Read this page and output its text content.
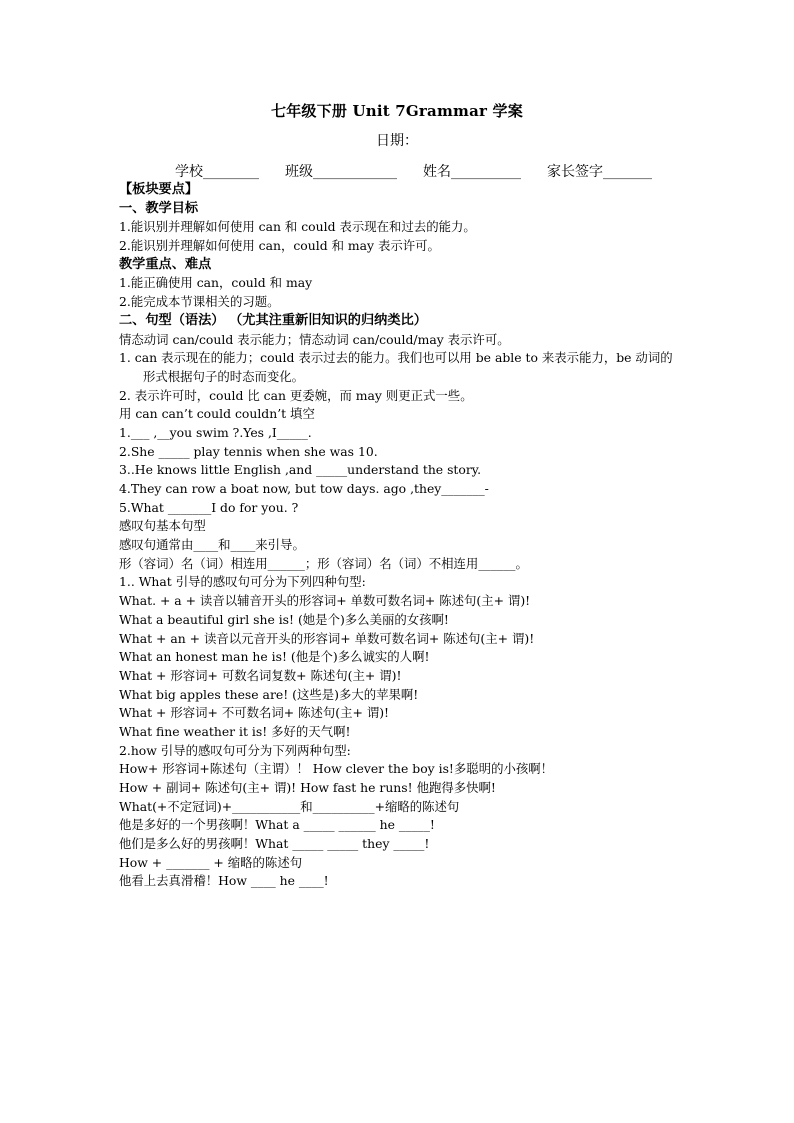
七年级下册 Unit 7Grammar 学案
日期：
学校________ 班级____________ 姓名__________ 家长签字_______
【板块要点】
一、教学目标
1.能识别并理解如何使用 can 和 could 表示现在和过去的能力。
2.能识别并理解如何使用 can，could 和 may 表示许可。
教学重点、难点
1.能正确使用 can，could 和 may
2.能完成本节课相关的习题。
二、句型（语法） （尤其注重新旧知识的归纳类比）
情态动词 can/could 表示能力；情态动词 can/could/may 表示许可。
1. can 表示现在的能力；could 表示过去的能力。我们也可以用 be able to 来表示能力，be 动词的形式根据句子的时态而变化。
2. 表示许可时，could 比 can 更委婉，而 may 则更正式一些。
用 can can’t could couldn’t 填空
1.___ ,__you swim ?.Yes ,I_____.
2.She _____ play tennis when she was 10.
3..He knows little English ,and _____understand the story.
4.They can row a boat now, but tow days. ago ,they_______-
5.What _______I do for you. ?
感叹句基本句型
感叹句通常由____和____来引导。
形（容词）名（词）相连用______；形（容词）名（词）不相连用______。
1.. What 引导的感叹句可分为下列四种句型:
What. + a + 读音以辅音开头的形容词+ 单数可数名词+ 陈述句(主+ 谓)!
What a beautiful girl she is! (她是个)多么美丽的女孩啊!
What + an + 读音以元音开头的形容词+ 单数可数名词+ 陈述句(主+ 谓)!
What an honest man he is! (他是个)多么诚实的人啊!
What + 形容词+ 可数名词复数+ 陈述句(主+ 谓)!
What big apples these are! (这些是)多大的苹果啊!
What + 形容词+ 不可数名词+ 陈述句(主+ 谓)!
What fine weather it is! 多好的天气啊!
2.how 引导的感叹句可分为下列两种句型:
How+ 形容词+陈述句（主谓）！ How clever the boy is!多聪明的小孩啊！
How + 副词+ 陈述句(主+ 谓)! How fast he runs! 他跑得多快啊!
What(+不定冠词)+___________和__________+缩略的陈述句
他是多好的一个男孩啊！What a _____ ______ he _____!
他们是多么好的男孩啊！What _____ _____ they _____!
How + _______ + 缩略的陈述句
他看上去真滑稽！How ____ he ____!
